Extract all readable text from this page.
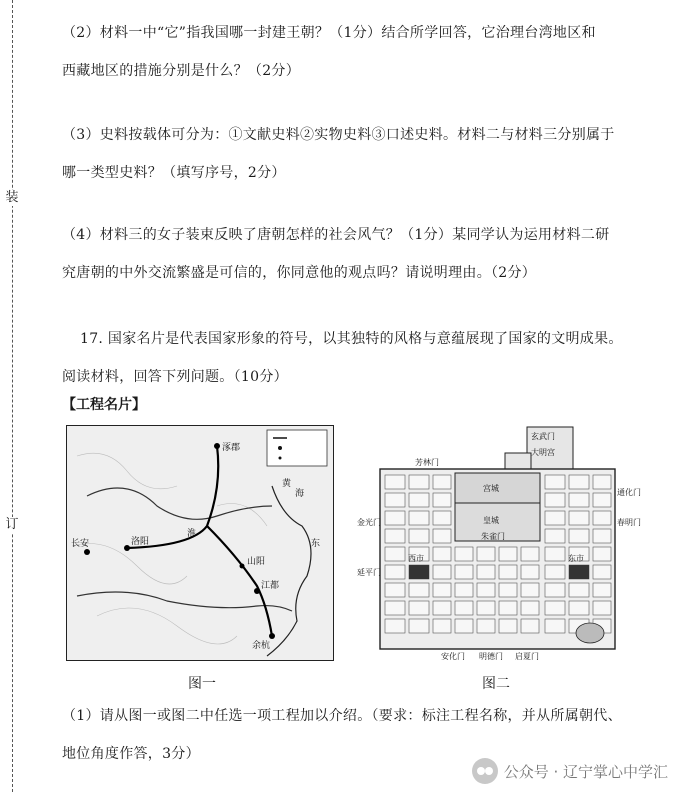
装
订
（2）材料一中“它”指我国哪一封建王朝？（1分）结合所学回答，它治理台湾地区和
西藏地区的措施分别是什么？（2分）
（3）史料按载体可分为：①文献史料②实物史料③口述史料。材料二与材料三分别属于
哪一类型史料？（填写序号，2分）
（4）材料三的女子装束反映了唐朝怎样的社会风气？（1分）某同学认为运用材料二研
究唐朝的中外交流繁盛是可信的，你同意他的观点吗？请说明理由。（2分）
17. 国家名片是代表国家形象的符号，以其独特的风格与意蕴展现了国家的文明成果。
阅读材料，回答下列问题。（10分）
【工程名片】
涿郡
余杭
洛阳
长安
江都
山阳
黄
海
东
淮
玄武门
宫城
皇城
朱雀门
东市
西市
明德门
春明门
金光门
大明宫
通化门
延平门
启夏门
安化门
芳林门
图一	图二
（1）请从图一或图二中任选一项工程加以介绍。（要求：标注工程名称，并从所属朝代、
地位角度作答，3分）
公众号 · 辽宁掌心中学汇
